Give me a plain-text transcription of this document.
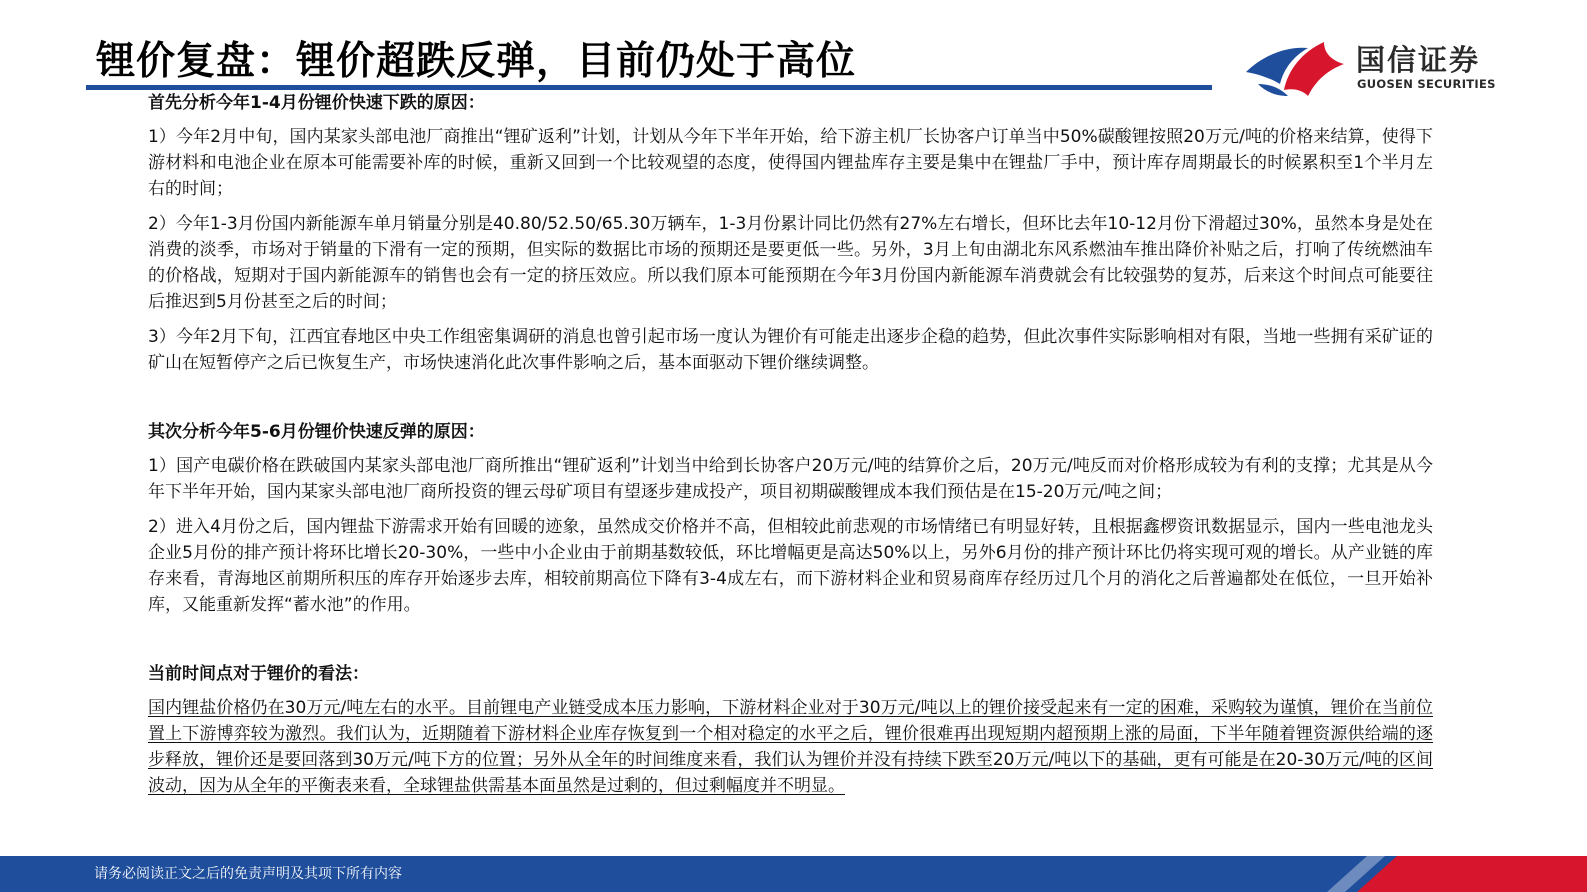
锂价复盘：锂价超跌反弹，目前仍处于高位	国信证券
GUOSEN SECURITIES
首先分析今年1-4月份锂价快速下跌的原因：
1）今年2月中旬，国内某家头部电池厂商推出“锂矿返利”计划，计划从今年下半年开始，给下游主机厂长协客户订单当中50%碳酸锂按照20万元/吨的价格来结算，使得下游材料和电池企业在原本可能需要补库的时候，重新又回到一个比较观望的态度，使得国内锂盐库存主要是集中在锂盐厂手中，预计库存周期最长的时候累积至1个半月左右的时间；
2）今年1-3月份国内新能源车单月销量分别是40.80/52.50/65.30万辆车，1-3月份累计同比仍然有27%左右增长，但环比去年10-12月份下滑超过30%，虽然本身是处在消费的淡季，市场对于销量的下滑有一定的预期，但实际的数据比市场的预期还是要更低一些。另外，3月上旬由湖北东风系燃油车推出降价补贴之后，打响了传统燃油车的价格战，短期对于国内新能源车的销售也会有一定的挤压效应。所以我们原本可能预期在今年3月份国内新能源车消费就会有比较强势的复苏，后来这个时间点可能要往后推迟到5月份甚至之后的时间；
3）今年2月下旬，江西宜春地区中央工作组密集调研的消息也曾引起市场一度认为锂价有可能走出逐步企稳的趋势，但此次事件实际影响相对有限，当地一些拥有采矿证的矿山在短暂停产之后已恢复生产，市场快速消化此次事件影响之后，基本面驱动下锂价继续调整。
其次分析今年5-6月份锂价快速反弹的原因：
1）国产电碳价格在跌破国内某家头部电池厂商所推出“锂矿返利”计划当中给到长协客户20万元/吨的结算价之后，20万元/吨反而对价格形成较为有利的支撑；尤其是从今年下半年开始，国内某家头部电池厂商所投资的锂云母矿项目有望逐步建成投产，项目初期碳酸锂成本我们预估是在15-20万元/吨之间；
2）进入4月份之后，国内锂盐下游需求开始有回暖的迹象，虽然成交价格并不高，但相较此前悲观的市场情绪已有明显好转，且根据鑫椤资讯数据显示，国内一些电池龙头企业5月份的排产预计将环比增长20-30%，一些中小企业由于前期基数较低，环比增幅更是高达50%以上，另外6月份的排产预计环比仍将实现可观的增长。从产业链的库存来看，青海地区前期所积压的库存开始逐步去库，相较前期高位下降有3-4成左右，而下游材料企业和贸易商库存经历过几个月的消化之后普遍都处在低位，一旦开始补库，又能重新发挥“蓄水池”的作用。
当前时间点对于锂价的看法：
国内锂盐价格仍在30万元/吨左右的水平。目前锂电产业链受成本压力影响，下游材料企业对于30万元/吨以上的锂价接受起来有一定的困难，采购较为谨慎，锂价在当前位置上下游博弈较为激烈。我们认为，近期随着下游材料企业库存恢复到一个相对稳定的水平之后，锂价很难再出现短期内超预期上涨的局面，下半年随着锂资源供给端的逐步释放，锂价还是要回落到30万元/吨下方的位置；另外从全年的时间维度来看，我们认为锂价并没有持续下跌至20万元/吨以下的基础，更有可能是在20-30万元/吨的区间波动，因为从全年的平衡表来看，全球锂盐供需基本面虽然是过剩的，但过剩幅度并不明显。
请务必阅读正文之后的免责声明及其项下所有内容
